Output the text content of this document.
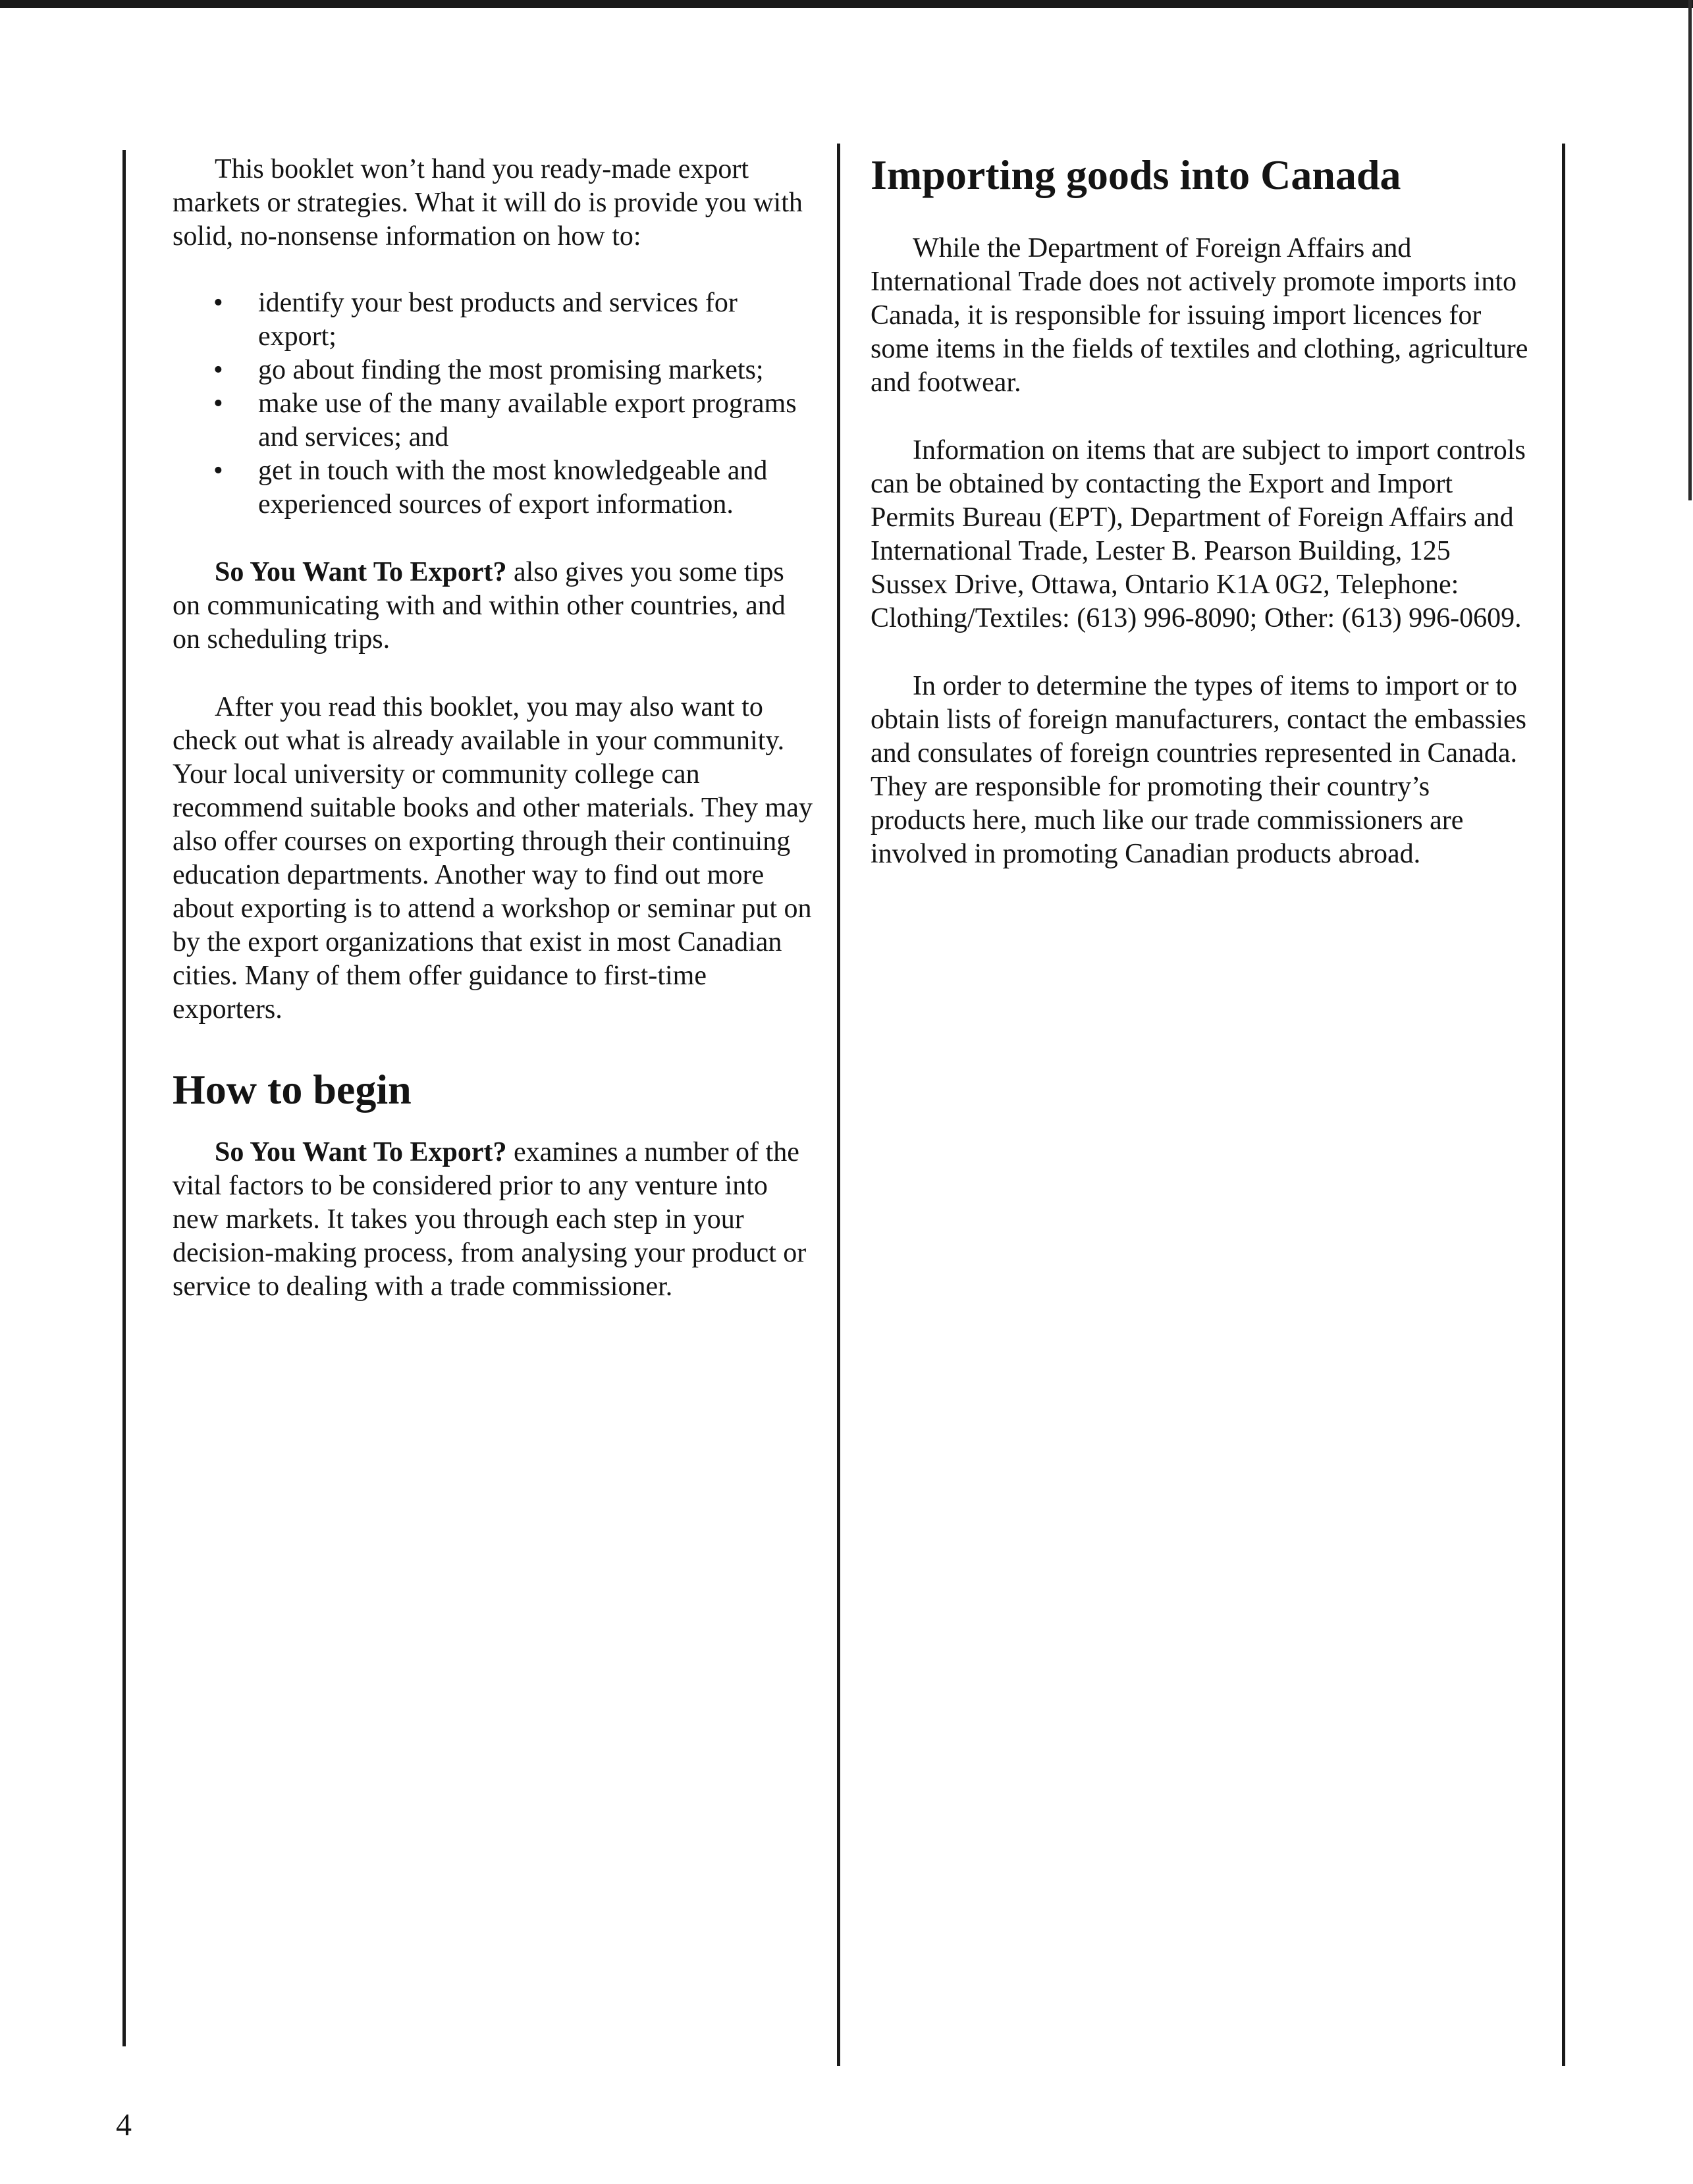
This booklet won’t hand you ready-made export markets or strategies. What it will do is provide you with solid, no-nonsense information on how to:

• identify your best products and services for export;
• go about finding the most promising markets;
• make use of the many available export programs and services; and
• get in touch with the most knowledgeable and experienced sources of export information.

So You Want To Export? also gives you some tips on communicating with and within other countries, and on scheduling trips.

After you read this booklet, you may also want to check out what is already available in your community. Your local university or community college can recommend suitable books and other materials. They may also offer courses on exporting through their continuing education departments. Another way to find out more about exporting is to attend a workshop or seminar put on by the export organizations that exist in most Canadian cities. Many of them offer guidance to first-time exporters.

How to begin

So You Want To Export? examines a number of the vital factors to be considered prior to any venture into new markets. It takes you through each step in your decision-making process, from analysing your product or service to dealing with a trade commissioner.

Importing goods into Canada

While the Department of Foreign Affairs and International Trade does not actively promote imports into Canada, it is responsible for issuing import licences for some items in the fields of textiles and clothing, agriculture and footwear.

Information on items that are subject to import controls can be obtained by contacting the Export and Import Permits Bureau (EPT), Department of Foreign Affairs and International Trade, Lester B. Pearson Building, 125 Sussex Drive, Ottawa, Ontario K1A 0G2, Telephone: Clothing/Textiles: (613) 996-8090; Other: (613) 996-0609.

In order to determine the types of items to import or to obtain lists of foreign manufacturers, contact the embassies and consulates of foreign countries represented in Canada. They are responsible for promoting their country’s products here, much like our trade commissioners are involved in promoting Canadian products abroad.

4
